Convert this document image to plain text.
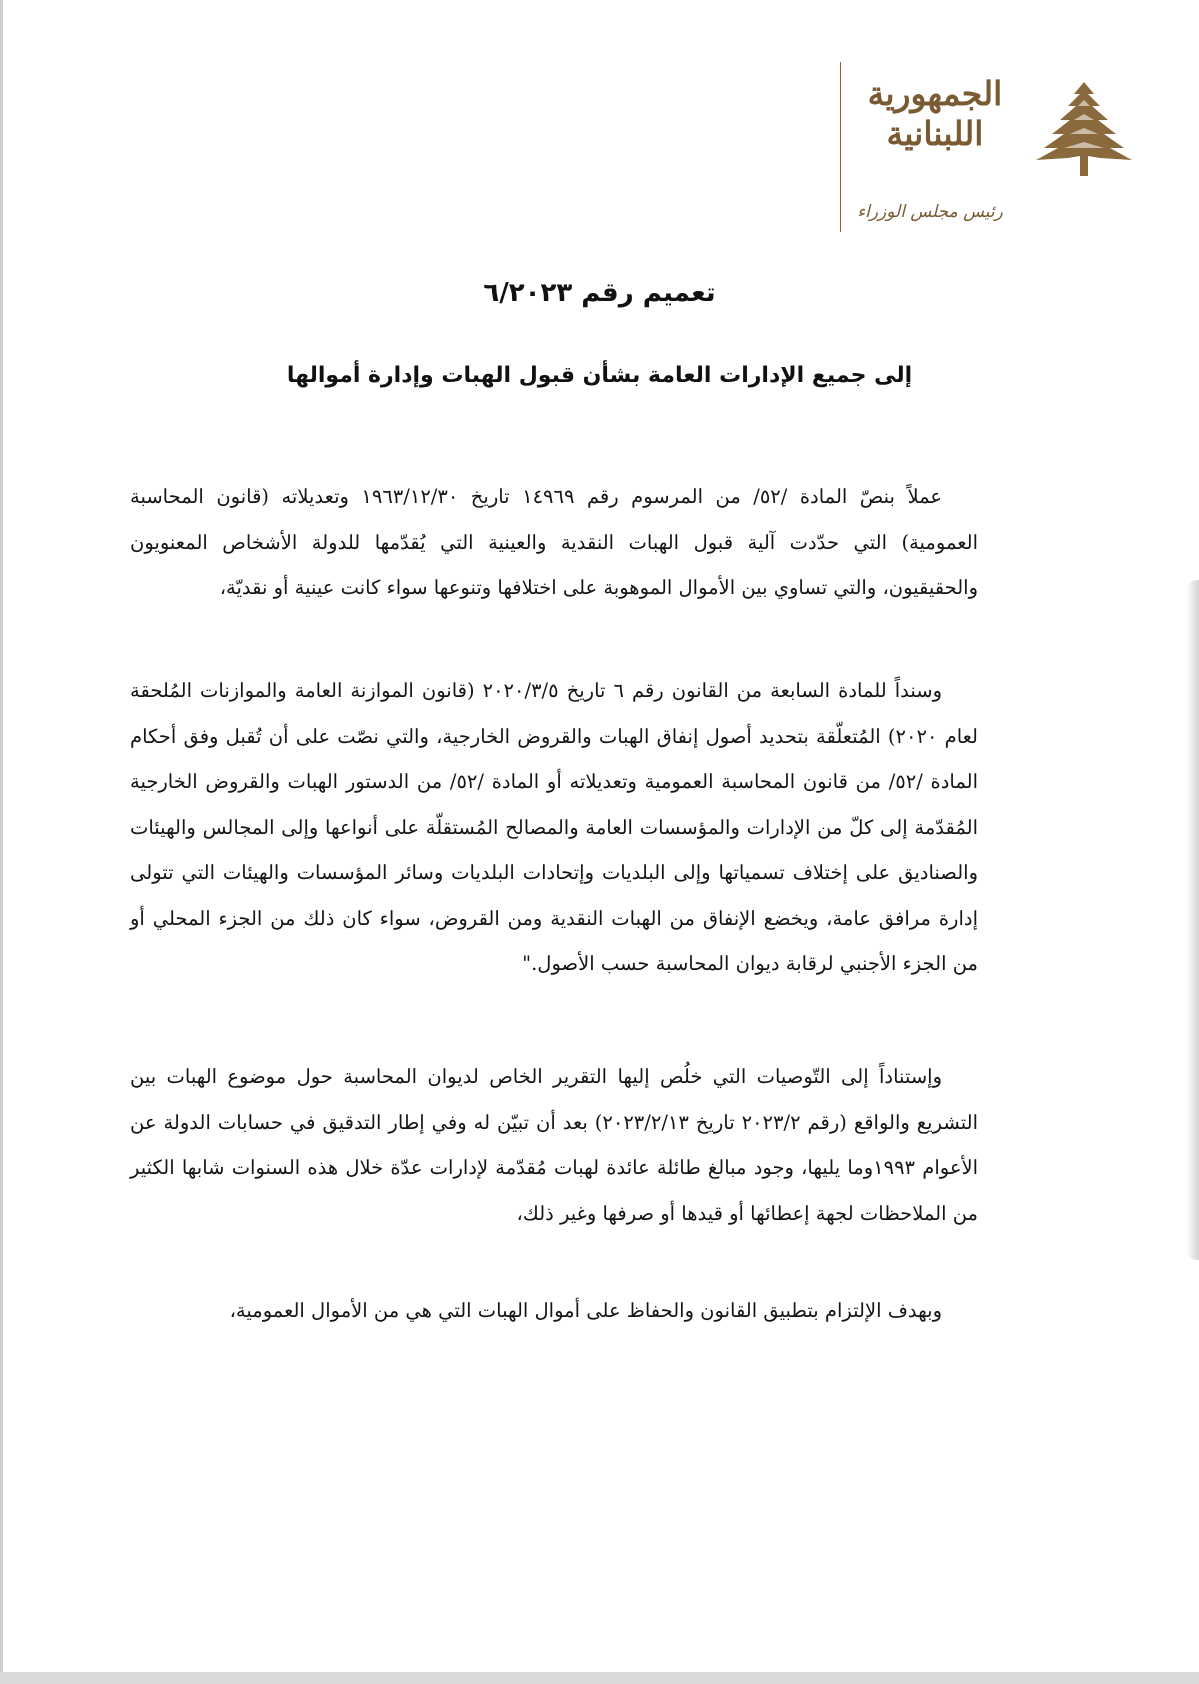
الجمهورية اللبنانية
رئيس مجلس الوزراء
تعميم رقم ٦/٢٠٢٣
إلى جميع الإدارات العامة بشأن قبول الهبات وإدارة أموالها
عملاً بنصّ المادة /٥٢/ من المرسوم رقم ١٤٩٦٩ تاريخ ١٩٦٣/١٢/٣٠ وتعديلاته (قانون المحاسبة العمومية) التي حدّدت آلية قبول الهبات النقدية والعينية التي يُقدّمها للدولة الأشخاص المعنويون والحقيقيون، والتي تساوي بين الأموال الموهوبة على اختلافها وتنوعها سواء كانت عينية أو نقديّة،
وسنداً للمادة السابعة من القانون رقم ٦ تاريخ ٢٠٢٠/٣/٥ (قانون الموازنة العامة والموازنات المُلحقة لعام ٢٠٢٠) المُتعلّقة بتحديد أصول إنفاق الهبات والقروض الخارجية، والتي نصّت على أن تُقبل وفق أحكام المادة /٥٢/ من قانون المحاسبة العمومية وتعديلاته أو المادة /٥٢/ من الدستور الهبات والقروض الخارجية المُقدّمة إلى كلّ من الإدارات والمؤسسات العامة والمصالح المُستقلّة على أنواعها وإلى المجالس والهيئات والصناديق على إختلاف تسمياتها وإلى البلديات وإتحادات البلديات وسائر المؤسسات والهيئات التي تتولى إدارة مرافق عامة، ويخضع الإنفاق من الهبات النقدية ومن القروض، سواء كان ذلك من الجزء المحلي أو من الجزء الأجنبي لرقابة ديوان المحاسبة حسب الأصول."
وإستناداً إلى التّوصيات التي خلُص إليها التقرير الخاص لديوان المحاسبة حول موضوع الهبات بين التشريع والواقع (رقم ٢٠٢٣/٢ تاريخ ٢٠٢٣/٢/١٣) بعد أن تبيّن له وفي إطار التدقيق في حسابات الدولة عن الأعوام ١٩٩٣وما يليها، وجود مبالغ طائلة عائدة لهبات مُقدّمة لإدارات عدّة خلال هذه السنوات شابها الكثير من الملاحظات لجهة إعطائها أو قيدها أو صرفها وغير ذلك،
وبهدف الإلتزام بتطبيق القانون والحفاظ على أموال الهبات التي هي من الأموال العمومية،
